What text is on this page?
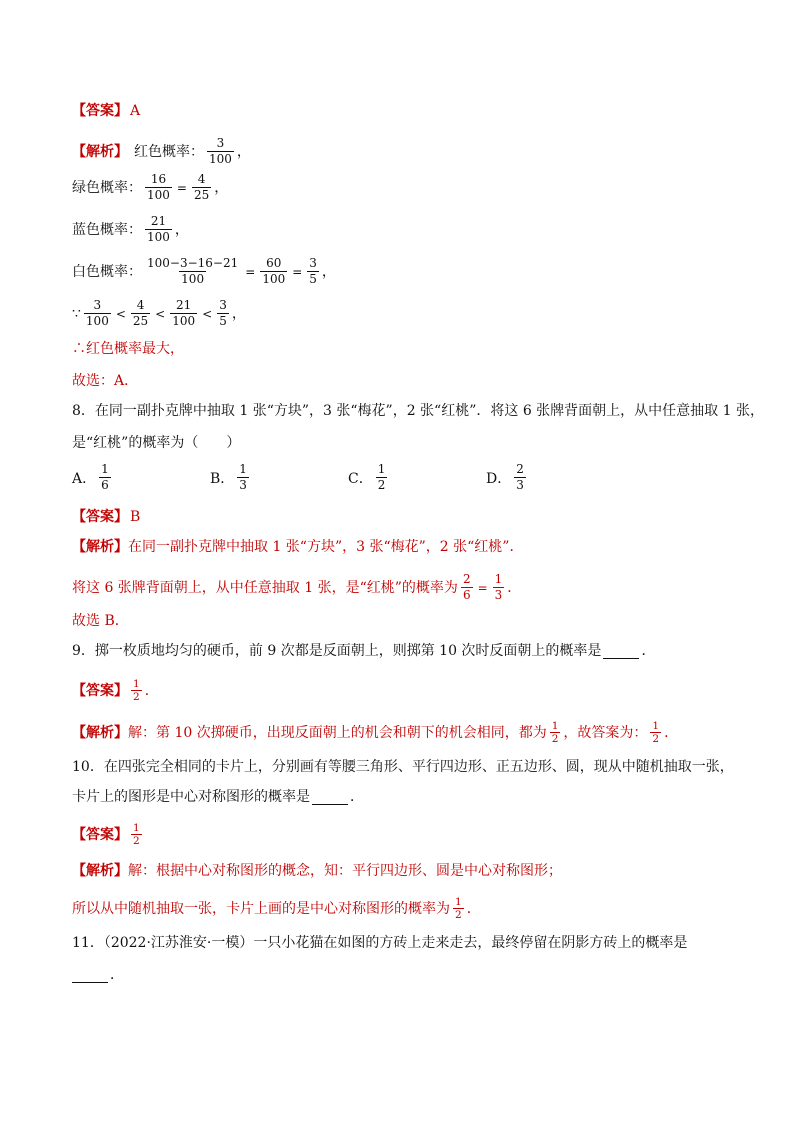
【答案】 A
【解析】 红色概率： $\frac{3}{100}$ ，
绿色概率： $\frac{16}{100} = \frac{4}{25}$ ，
蓝色概率： $\frac{21}{100}$ ，
白色概率： $\frac{100-3-16-21}{100} = \frac{60}{100} = \frac{3}{5}$ ，
∵ $\frac{3}{100} < \frac{4}{25} < \frac{21}{100} < \frac{3}{5}$ ，
∴红色概率最大，
故选：A．
8．在同一副扑克牌中抽取 1 张“方块”，3 张“梅花”，2 张“红桃”．将这 6 张牌背面朝上，从中任意抽取 1 张，
是“红桃”的概率为（　　）
A． $\frac{1}{6}$	B． $\frac{1}{3}$	C． $\frac{1}{2}$	D． $\frac{2}{3}$
【答案】 B
【解析】 在同一副扑克牌中抽取 1 张“方块”，3 张“梅花”，2 张“红桃”．
将这 6 张牌背面朝上，从中任意抽取 1 张，是“红桃”的概率为 $\frac{2}{6} = \frac{1}{3}$ ．
故选 B．
9．掷一枚质地均匀的硬币，前 9 次都是反面朝上，则掷第 10 次时反面朝上的概率是	．
【答案】 $\frac{1}{2}$ ．
【解析】 解：第 10 次掷硬币，出现反面朝上的机会和朝下的机会相同，都为 $\frac{1}{2}$ ，故答案为： $\frac{1}{2}$ ．
10．在四张完全相同的卡片上，分别画有等腰三角形、平行四边形、正五边形、圆，现从中随机抽取一张，
卡片上的图形是中心对称图形的概率是	．
【答案】 $\frac{1}{2}$
【解析】 解：根据中心对称图形的概念，知：平行四边形、圆是中心对称图形；
所以从中随机抽取一张，卡片上画的是中心对称图形的概率为 $\frac{1}{2}$ ．
11．（2022·江苏淮安·一模）一只小花猫在如图的方砖上走来走去，最终停留在阴影方砖上的概率是
．
